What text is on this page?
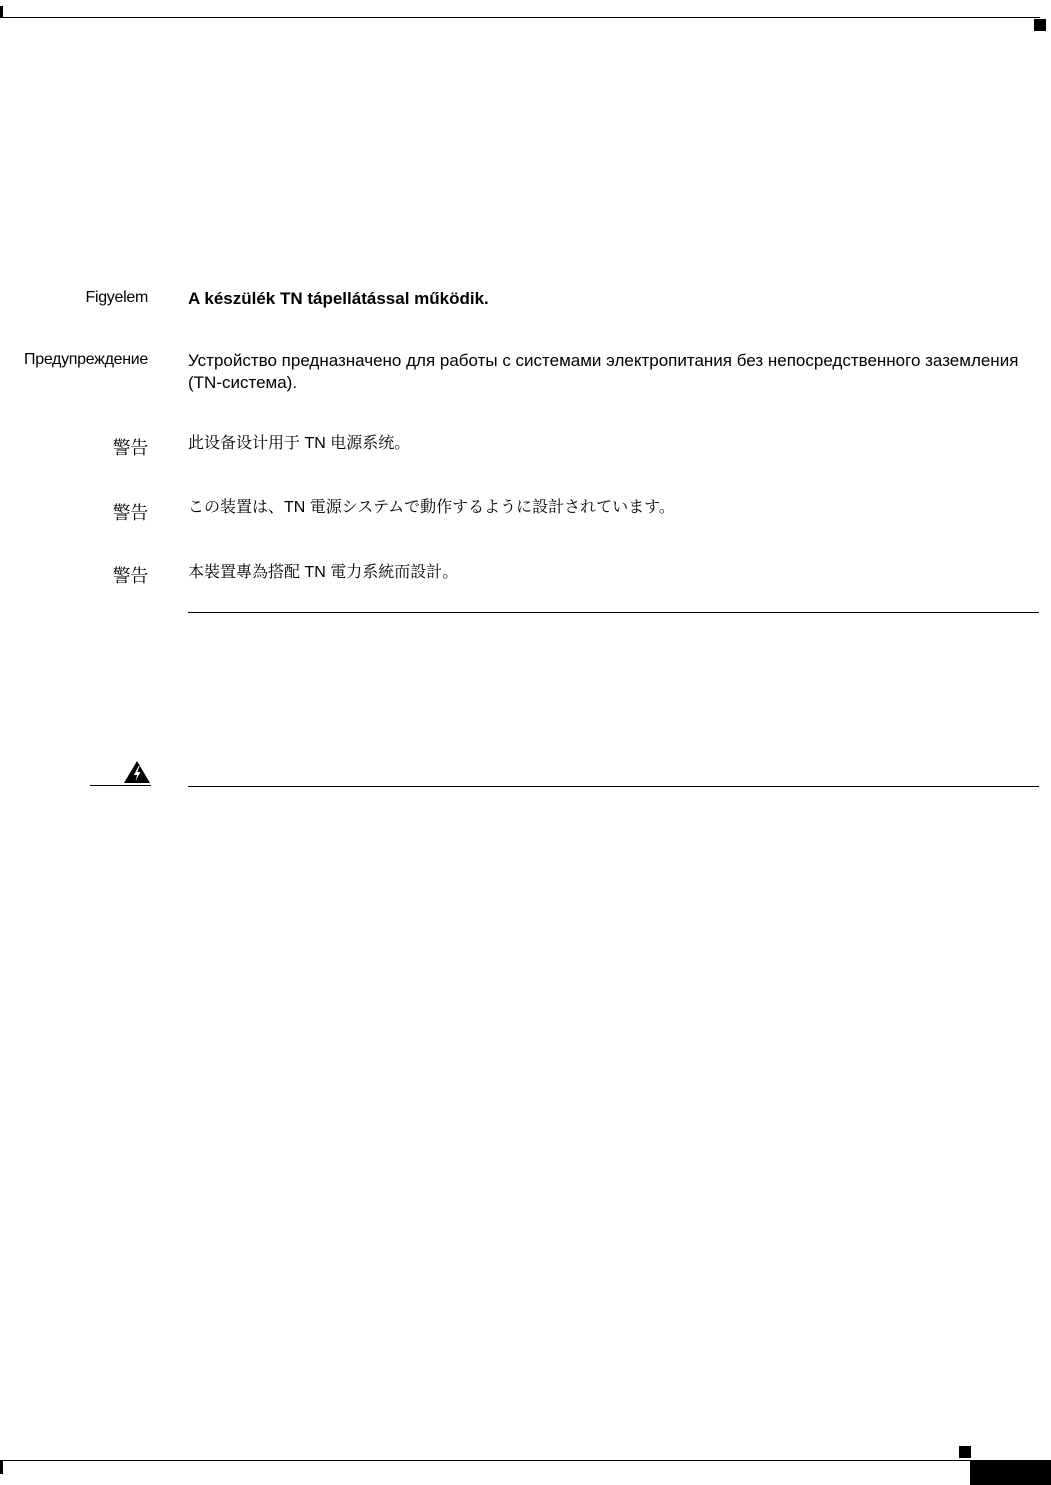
Figyelem A készülék TN tápellátással működik.
Предупреждение Устройство предназначено для работы с системами электропитания без непосредственного заземления (TN-система).
警告	此设备设计用于 TN 电源系统。
警告	この装置は、TN 電源システムで動作するように設計されています。
警告	本裝置專為搭配 TN 電力系統而設計。
